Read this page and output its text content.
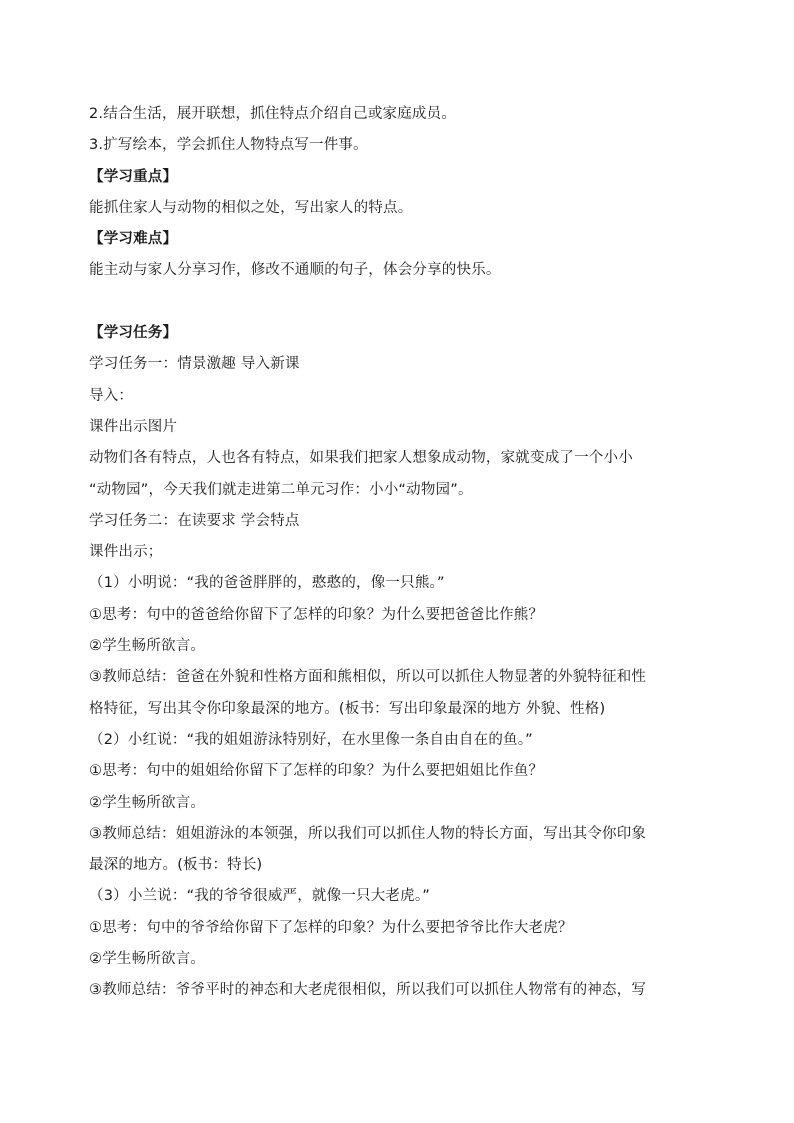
2.结合生活，展开联想，抓住特点介绍自己或家庭成员。
3.扩写绘本，学会抓住人物特点写一件事。
【学习重点】
能抓住家人与动物的相似之处，写出家人的特点。
【学习难点】
能主动与家人分享习作，修改不通顺的句子，体会分享的快乐。
【学习任务】
学习任务一：情景激趣 导入新课
导入：
课件出示图片
动物们各有特点，人也各有特点，如果我们把家人想象成动物，家就变成了一个小小
“动物园”，今天我们就走进第二单元习作：小小“动物园”。
学习任务二：在读要求 学会特点
课件出示；
（1）小明说：“我的爸爸胖胖的，憨憨的，像一只熊。”
①思考：句中的爸爸给你留下了怎样的印象？为什么要把爸爸比作熊？
②学生畅所欲言。
③教师总结：爸爸在外貌和性格方面和熊相似，所以可以抓住人物显著的外貌特征和性
格特征，写出其令你印象最深的地方。(板书：写出印象最深的地方 外貌、性格)
（2）小红说：“我的姐姐游泳特别好，在水里像一条自由自在的鱼。”
①思考：句中的姐姐给你留下了怎样的印象？为什么要把姐姐比作鱼？
②学生畅所欲言。
③教师总结：姐姐游泳的本领强，所以我们可以抓住人物的特长方面，写出其令你印象
最深的地方。(板书：特长)
（3）小兰说：“我的爷爷很威严，就像一只大老虎。”
①思考：句中的爷爷给你留下了怎样的印象？为什么要把爷爷比作大老虎？
②学生畅所欲言。
③教师总结：爷爷平时的神态和大老虎很相似，所以我们可以抓住人物常有的神态，写
